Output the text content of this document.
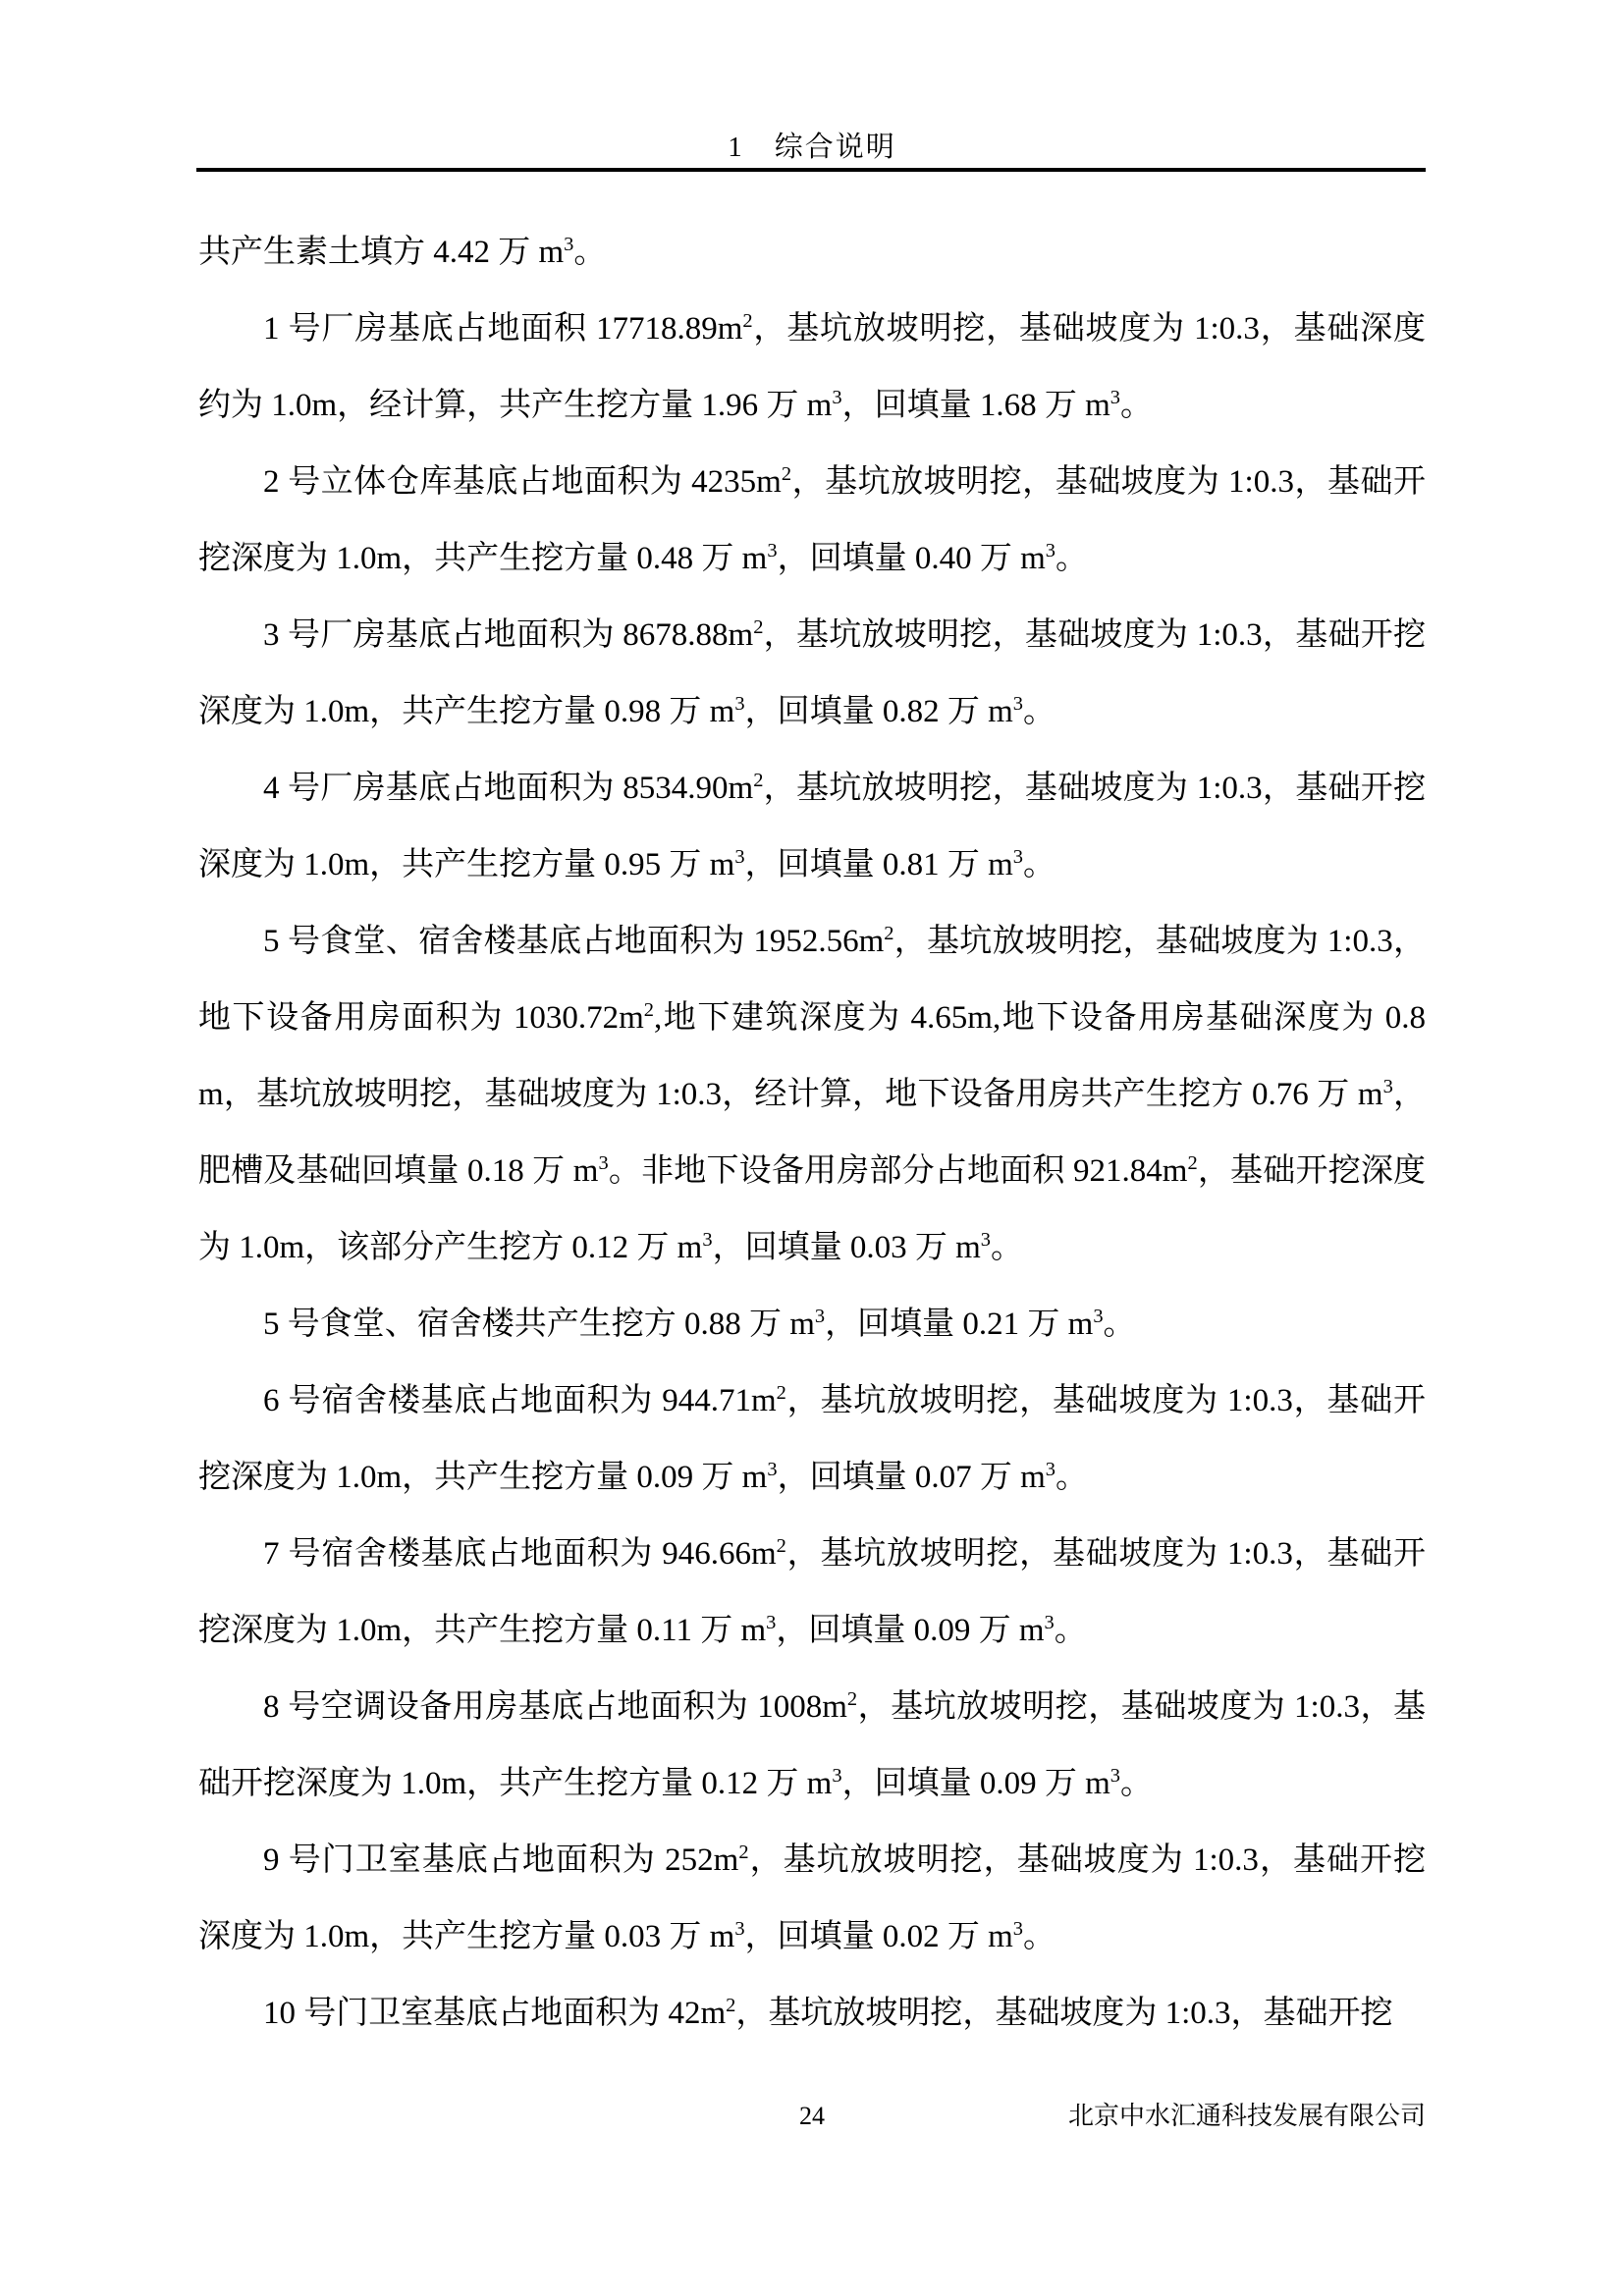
1　综合说明
共产生素土填方 4.42 万 $m^3$。
1 号厂房基底占地面积 $17718.89m^2$，基坑放坡明挖，基础坡度为 1:0.3，基础深度
约为 1.0m，经计算，共产生挖方量 1.96 万 $m^3$，回填量 1.68 万 $m^3$。
2 号立体仓库基底占地面积为 $4235m^2$，基坑放坡明挖，基础坡度为 1:0.3，基础开
挖深度为 1.0m，共产生挖方量 0.48 万 $m^3$，回填量 0.40 万 $m^3$。
3 号厂房基底占地面积为 $8678.88m^2$，基坑放坡明挖，基础坡度为 1:0.3，基础开挖
深度为 1.0m，共产生挖方量 0.98 万 $m^3$，回填量 0.82 万 $m^3$。
4 号厂房基底占地面积为 $8534.90m^2$，基坑放坡明挖，基础坡度为 1:0.3，基础开挖
深度为 1.0m，共产生挖方量 0.95 万 $m^3$，回填量 0.81 万 $m^3$。
5 号食堂、宿舍楼基底占地面积为 $1952.56m^2$，基坑放坡明挖，基础坡度为 1:0.3，
地下设备用房面积为 $1030.72m^2$,地下建筑深度为 4.65m,地下设备用房基础深度为 0.8
m，基坑放坡明挖，基础坡度为 1:0.3，经计算，地下设备用房共产生挖方 0.76 万 $m^3$，
肥槽及基础回填量 0.18 万 $m^3$。非地下设备用房部分占地面积 $921.84m^2$，基础开挖深度
为 1.0m，该部分产生挖方 0.12 万 $m^3$，回填量 0.03 万 $m^3$。
5 号食堂、宿舍楼共产生挖方 0.88 万 $m^3$，回填量 0.21 万 $m^3$。
6 号宿舍楼基底占地面积为 $944.71m^2$，基坑放坡明挖，基础坡度为 1:0.3，基础开
挖深度为 1.0m，共产生挖方量 0.09 万 $m^3$，回填量 0.07 万 $m^3$。
7 号宿舍楼基底占地面积为 $946.66m^2$，基坑放坡明挖，基础坡度为 1:0.3，基础开
挖深度为 1.0m，共产生挖方量 0.11 万 $m^3$，回填量 0.09 万 $m^3$。
8 号空调设备用房基底占地面积为 $1008m^2$，基坑放坡明挖，基础坡度为 1:0.3，基
础开挖深度为 1.0m，共产生挖方量 0.12 万 $m^3$，回填量 0.09 万 $m^3$。
9 号门卫室基底占地面积为 $252m^2$，基坑放坡明挖，基础坡度为 1:0.3，基础开挖
深度为 1.0m，共产生挖方量 0.03 万 $m^3$，回填量 0.02 万 $m^3$。
10 号门卫室基底占地面积为 $42m^2$，基坑放坡明挖，基础坡度为 1:0.3，基础开挖
24	北京中水汇通科技发展有限公司
